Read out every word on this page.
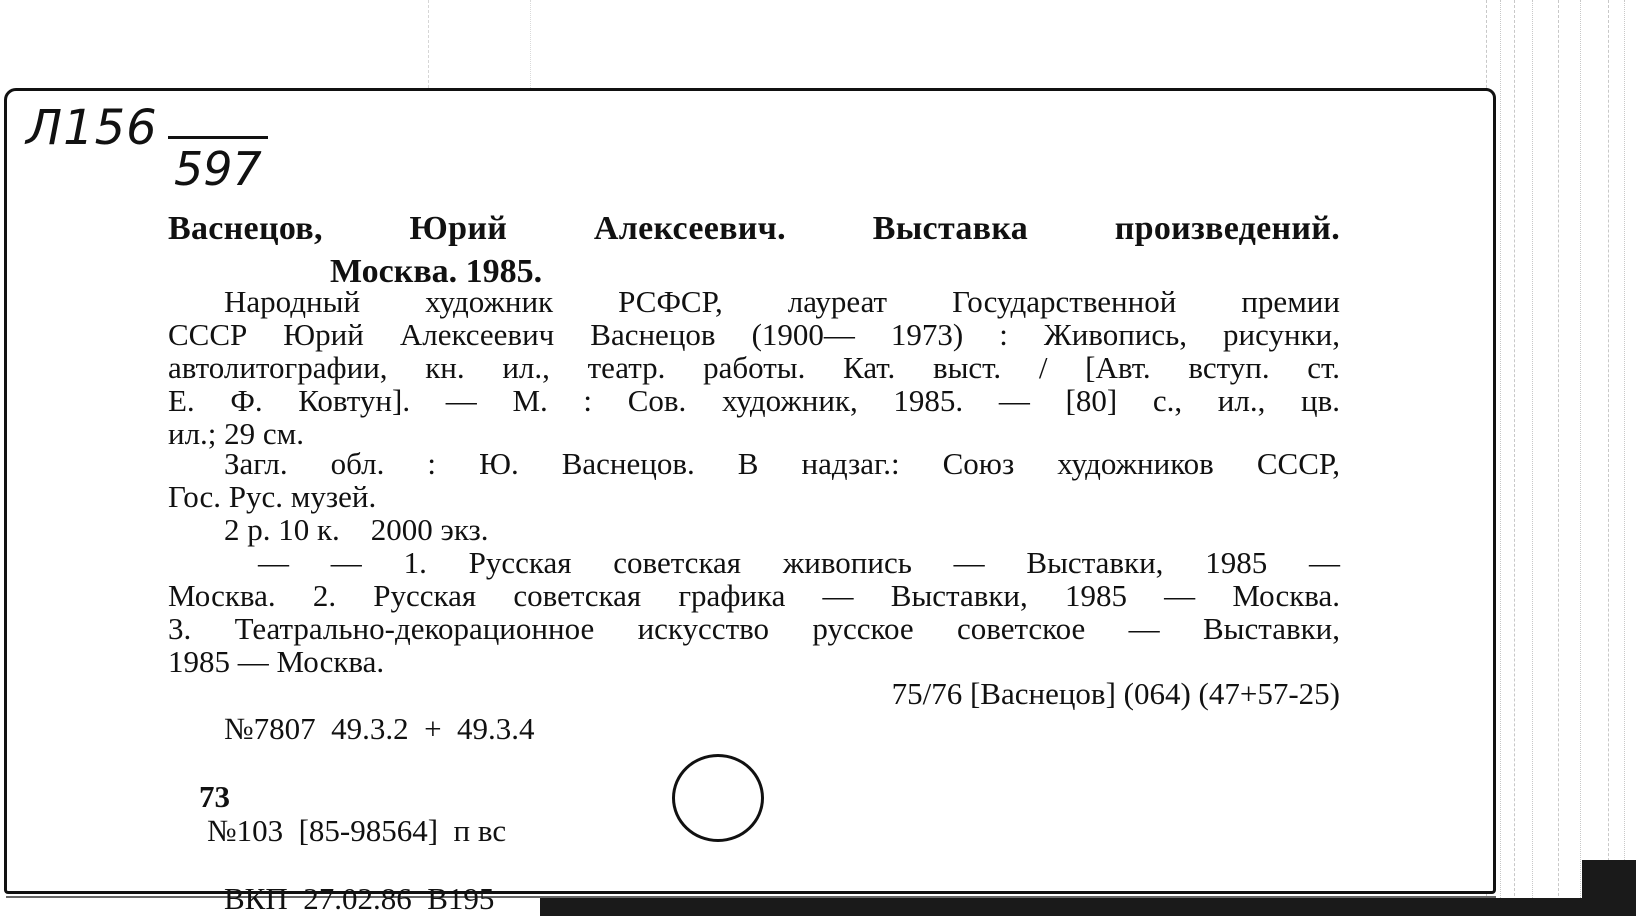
Л156
597
Васнецов, Юрий Алексеевич. Выставка произведений.
Москва. 1985.
Народный художник РСФСР, лауреат Государственной премии
СССР Юрий Алексеевич Васнецов (1900— 1973) : Живопись, рисунки,
автолитографии, кн. ил., театр. работы. Кат. выст. / [Авт. вступ. ст.
Е. Ф. Ковтун]. — М. : Сов. художник, 1985. — [80] с., ил., цв.
ил.; 29 см.
Загл. обл. : Ю. Васнецов. В надзаг.: Союз художников СССР,
Гос. Рус. музей.
2 р. 10 к.    2000 экз.
— — 1. Русская советская живопись — Выставки, 1985 —
Москва. 2. Русская советская графика — Выставки, 1985 — Москва.
3. Театрально-декорационное искусство русское советское — Выставки,
1985 — Москва.
75/76 [Васнецов] (064) (47+57-25)
№7807  49.3.2  +  49.3.4

73
№103  [85-98564]  п вс

ВКП  27.02.86  В195
